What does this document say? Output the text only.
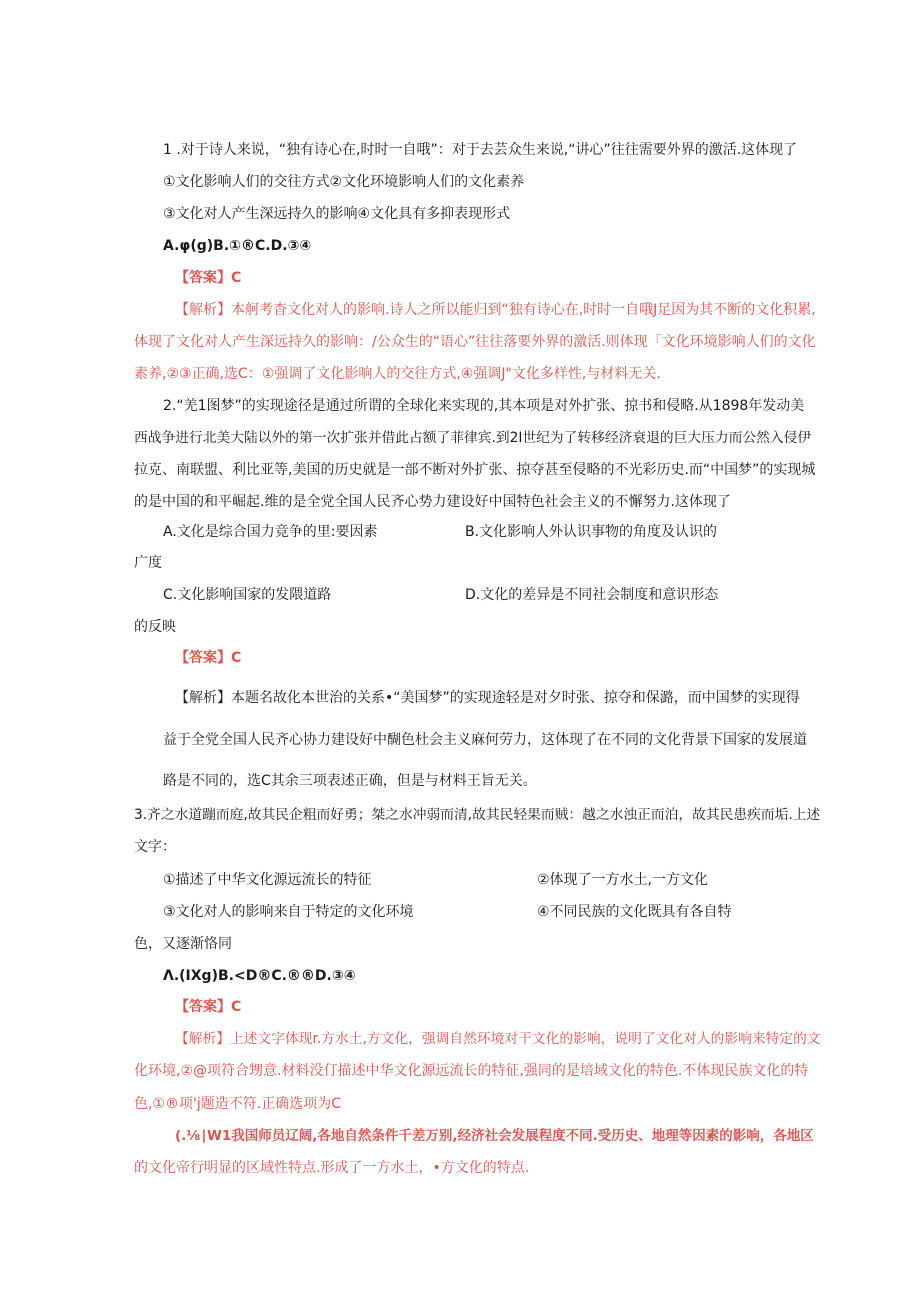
1 .对于诗人来说，“独有诗心在,时时一自哦”：对于去芸众生来说,“讲心”往往需要外界的激活.这体现了
①文化影响人们的交往方式②文化环境影响人们的文化素养
③文化对人产生深远持久的影响④文化具有多抑表现形式
A.φ(g)B.①®C.D.③④
【答案】C
【解析】本舸考杳文化对人的影响.诗人之所以能归到“独有诗心在,时时一自哦J足因为其不断的文化积累,
体现了文化对人产生深远持久的影响：/公众生的“语心”往往落要外界的激活.则体现「文化环境影响人们的文化
素养,②③正确,选C：①强调了文化影响人的交往方式,④强调J"文化多样性,与材料无关.
2.“羌1图梦”的实现途径是通过所谓的全球化来实现的,其本项是对外扩张、掠书和侵略.从1898年发动美
西战争进行北美大陆以外的第一次扩张并借此占额了菲律宾.到2I世纪为了转移经济衰退的巨大压力而公然入侵伊
拉克、南联盟、利比亚等,美国的历史就是一部不断对外扩张、掠夺甚至侵略的不光彩历史.而“中国梦”的实现城
的是中国的和平崛起.维的是全党全国人民齐心势力建设好中国特色社会主义的不懈努力.这体现了
A.文化是综合国力竞争的里:要因素	B.文化影响人外认识事物的角度及认识的
广度
C.文化影响国家的发隈道路	D.文化的差异是不同社会制度和意识形态
的反映
【答案】C
【解析】本题名故化本世治的关系•“美国梦”的实现途轻是对夕时张、掠夺和保潞，而中国梦的实现得
益于全党全国人民齐心协力建设好中醐色杜会主义麻何劳力，这体现了在不同的文化背景下国家的发展道
路是不同的，选C其余三项表述正确，但是与材料王旨无关。
3.齐之水道蹦而庭,故其民企粗而好勇；桀之水冲弱而清,故其民轻果而贼：越之水浊正而泊，故其民患疾而垢.上述
文字：
①描述了中华文化源远流长的特征	②体现了一方水土,一方文化
③文化对人的影响来自于特定的文化环境	④不同民族的文化既具有各自特
色，又逐渐恪同
Λ.(IXg)B.<D®C.®®D.③④
【答案】C
【解析】上述文字体现r.方水土,方文化，强调自然环境对干文化的影响，说明了文化对人的影响来特定的文
化环境,②@项符合甥意.材料没仃描述中华文化源远流长的特征,强同的是培域文化的特色.不体现民族文化的特
色,①®项'j题造不符.正确选项为C
(.⅛∣W1我国师员辽阔,各地自然条件千差万别,经济社会发展程度不同.受历史、地理等因素的影响，各地区
的文化帝行明显的区域性特点.形成了一方水土，•方文化的特点.
